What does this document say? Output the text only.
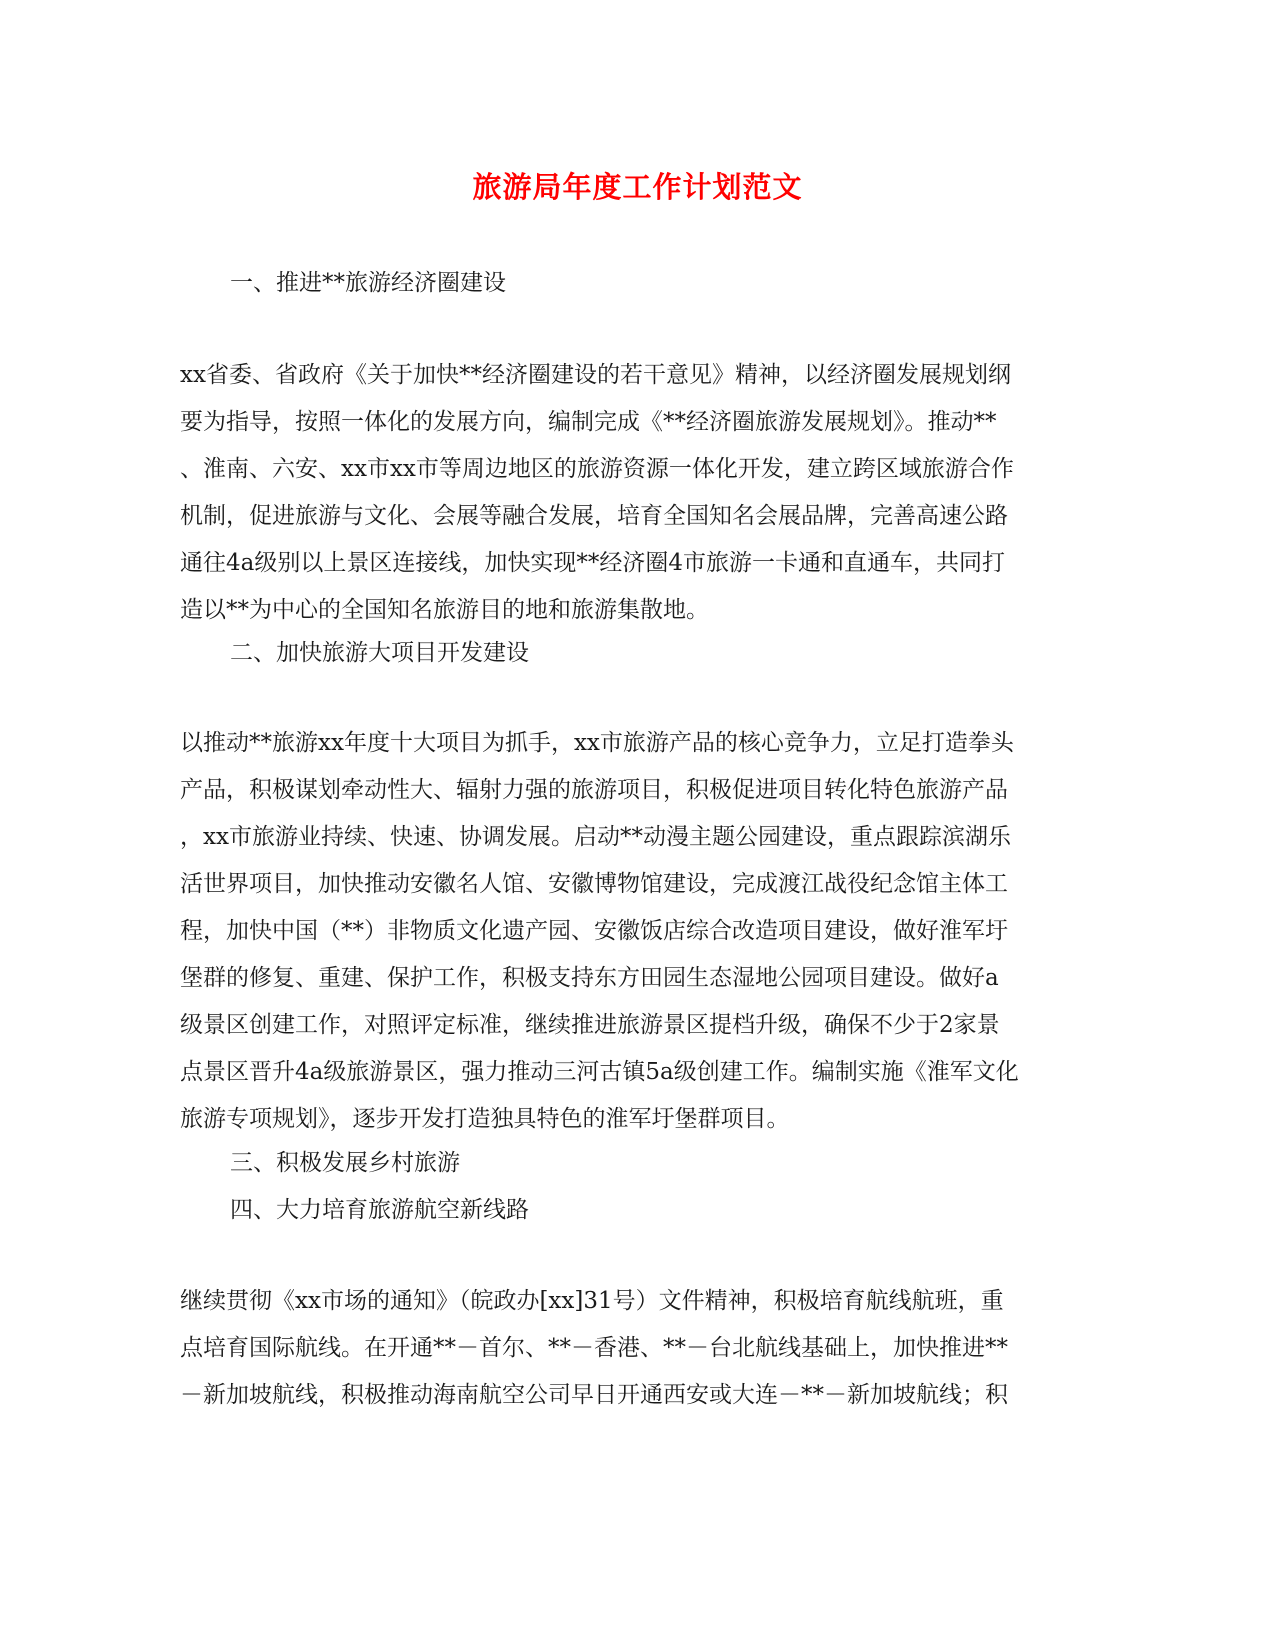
旅游局年度工作计划范文
一、推进**旅游经济圈建设
xx省委、省政府《关于加快**经济圈建设的若干意见》精神，以经济圈发展规划纲
要为指导，按照一体化的发展方向，编制完成《**经济圈旅游发展规划》。推动**
、淮南、六安、xx市xx市等周边地区的旅游资源一体化开发，建立跨区域旅游合作
机制，促进旅游与文化、会展等融合发展，培育全国知名会展品牌，完善高速公路
通往4a级别以上景区连接线，加快实现**经济圈4市旅游一卡通和直通车，共同打
造以**为中心的全国知名旅游目的地和旅游集散地。
二、加快旅游大项目开发建设
以推动**旅游xx年度十大项目为抓手，xx市旅游产品的核心竞争力，立足打造拳头
产品，积极谋划牵动性大、辐射力强的旅游项目，积极促进项目转化特色旅游产品
，xx市旅游业持续、快速、协调发展。启动**动漫主题公园建设，重点跟踪滨湖乐
活世界项目，加快推动安徽名人馆、安徽博物馆建设，完成渡江战役纪念馆主体工
程，加快中国（**）非物质文化遗产园、安徽饭店综合改造项目建设，做好淮军圩
堡群的修复、重建、保护工作，积极支持东方田园生态湿地公园项目建设。做好a
级景区创建工作，对照评定标准，继续推进旅游景区提档升级，确保不少于2家景
点景区晋升4a级旅游景区，强力推动三河古镇5a级创建工作。编制实施《淮军文化
旅游专项规划》，逐步开发打造独具特色的淮军圩堡群项目。
三、积极发展乡村旅游
四、大力培育旅游航空新线路
继续贯彻《xx市场的通知》（皖政办[xx]31号）文件精神，积极培育航线航班，重
点培育国际航线。在开通**－首尔、**－香港、**－台北航线基础上，加快推进**
－新加坡航线，积极推动海南航空公司早日开通西安或大连－**－新加坡航线；积
